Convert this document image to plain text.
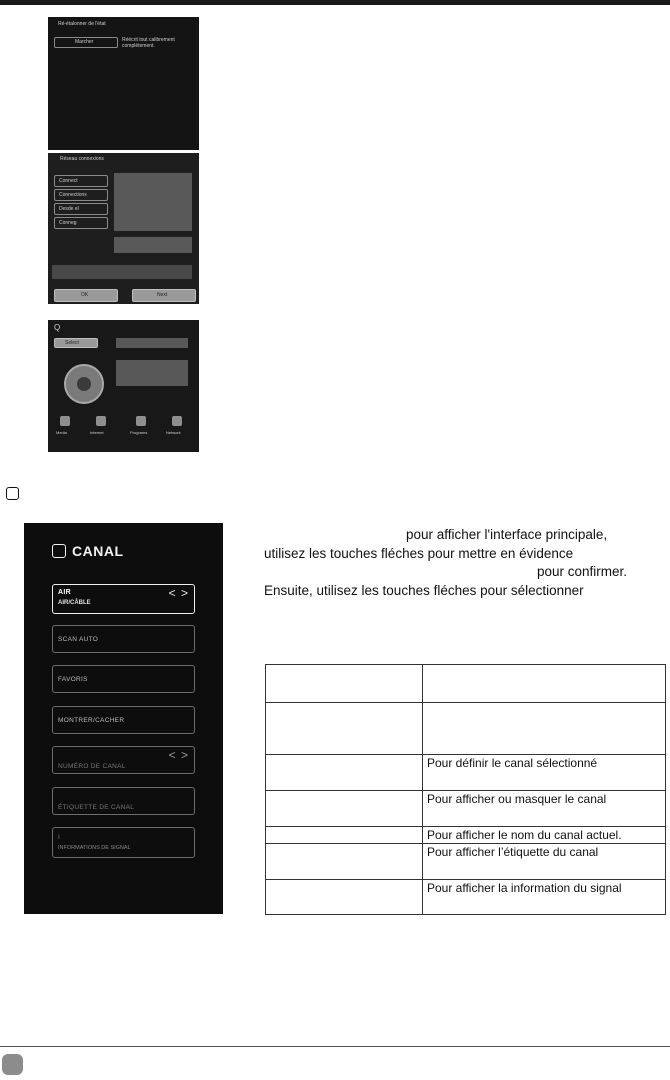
Ré-étalonner de l'état
Marcher	Réécrit tout calibrement complètement.
Réseau connexions
Connect
Connections
Desde el
Conneg
OK	Next
Q
Select
Media	Internet	Programs	Network
CANAL
AIR
AIR/CÂBLE
< >
SCAN AUTO
FAVORIS
MONTRER/CACHER
NUMÉRO DE CANAL
< >
ÉTIQUETTE DE CANAL
I
INFORMATIONS DE SIGNAL
pour afficher l'interface principale,
utilisez les touches fléches pour mettre en évidence
pour confirmer.
Ensuite, utilisez les touches fléches pour sélectionner

	Pour définir le canal sélectionné
	Pour afficher ou masquer le canal
	Pour afficher le nom du canal actuel.
	Pour afficher l’étiquette du canal
	Pour afficher la information du signal
